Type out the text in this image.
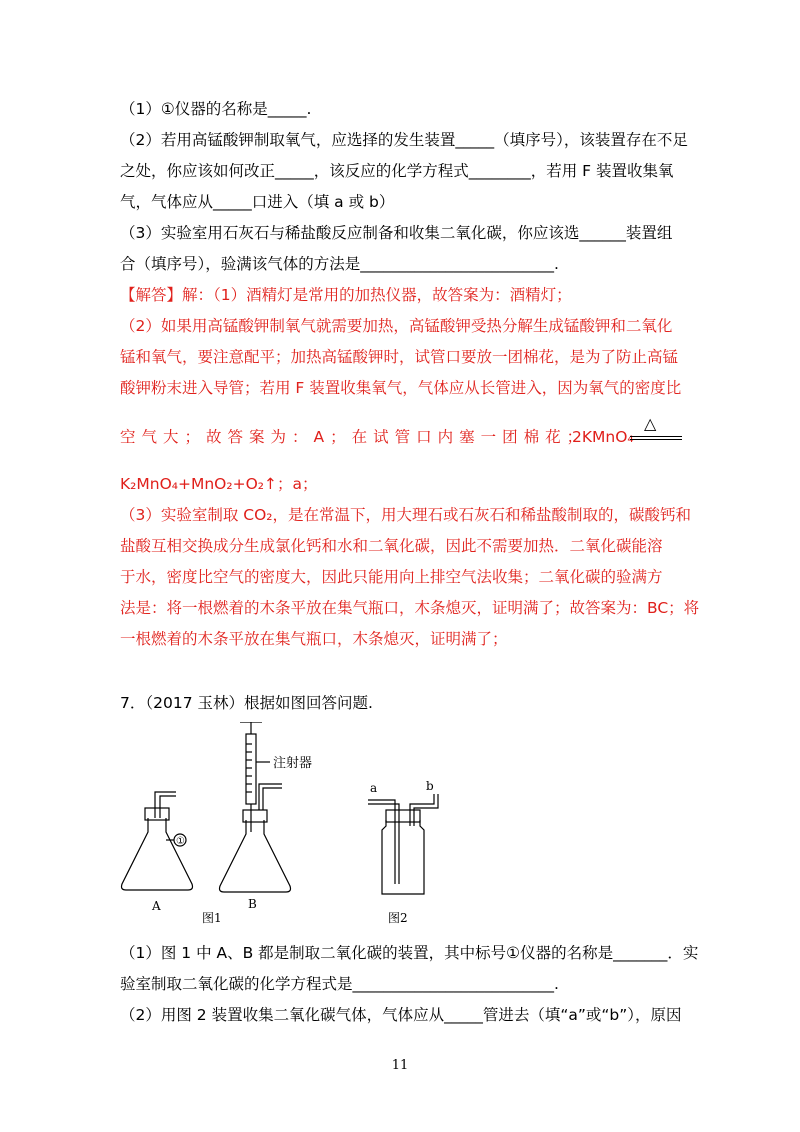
（1）①仪器的名称是_____.
（2）若用高锰酸钾制取氧气，应选择的发生装置_____（填序号），该装置存在不足
之处，你应该如何改正_____，该反应的化学方程式________，若用 F 装置收集氧
气，气体应从_____口进入（填 a 或 b）
（3）实验室用石灰石与稀盐酸反应制备和收集二氧化碳，你应该选______装置组
合（填序号），验满该气体的方法是_________________________.
【解答】解：（1）酒精灯是常用的加热仪器，故答案为：酒精灯；
（2）如果用高锰酸钾制氧气就需要加热，高锰酸钾受热分解生成锰酸钾和二氧化
锰和氧气，要注意配平；加热高锰酸钾时，试管口要放一团棉花，是为了防止高锰
酸钾粉末进入导管；若用 F 装置收集氧气，气体应从长管进入，因为氧气的密度比
空气大；故答案为：A；在试管口内塞一团棉花；
2KMnO₄
△
K₂MnO₄+MnO₂+O₂↑；a；
（3）实验室制取 CO₂，是在常温下，用大理石或石灰石和稀盐酸制取的，碳酸钙和
盐酸互相交换成分生成氯化钙和水和二氧化碳，因此不需要加热．二氧化碳能溶
于水，密度比空气的密度大，因此只能用向上排空气法收集；二氧化碳的验满方
法是：将一根燃着的木条平放在集气瓶口，木条熄灭，证明满了；故答案为：BC；将
一根燃着的木条平放在集气瓶口，木条熄灭，证明满了；
7．（2017 玉林）根据如图回答问题.
注射器
①
A	B
图1	图2
a	b
（1）图 1 中 A、B 都是制取二氧化碳的装置，其中标号①仪器的名称是_______．实
验室制取二氧化碳的化学方程式是__________________________.
（2）用图 2 装置收集二氧化碳气体，气体应从_____管进去（填“a”或“b”），原因
11
